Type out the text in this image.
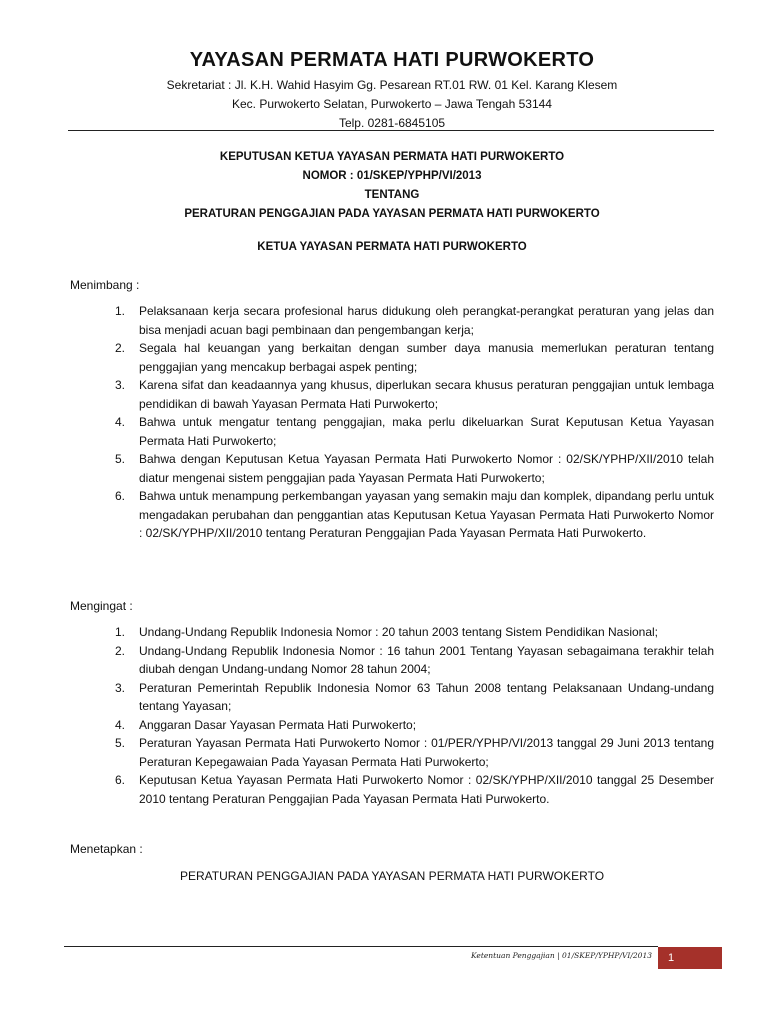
YAYASAN PERMATA HATI PURWOKERTO
Sekretariat : Jl. K.H. Wahid Hasyim Gg. Pesarean RT.01 RW. 01 Kel. Karang Klesem
Kec. Purwokerto Selatan, Purwokerto – Jawa Tengah 53144
Telp. 0281-6845105
KEPUTUSAN KETUA YAYASAN PERMATA HATI PURWOKERTO
NOMOR : 01/SKEP/YPHP/VI/2013
TENTANG
PERATURAN PENGGAJIAN PADA YAYASAN PERMATA HATI PURWOKERTO
KETUA YAYASAN PERMATA HATI PURWOKERTO

Menimbang :

1. Pelaksanaan kerja secara profesional harus didukung oleh perangkat-perangkat peraturan yang jelas dan bisa menjadi acuan bagi pembinaan dan pengembangan kerja;
2. Segala hal keuangan yang berkaitan dengan sumber daya manusia memerlukan peraturan tentang penggajian yang mencakup berbagai aspek penting;
3. Karena sifat dan keadaannya yang khusus, diperlukan secara khusus peraturan penggajian untuk lembaga pendidikan di bawah Yayasan Permata Hati Purwokerto;
4. Bahwa untuk mengatur tentang penggajian, maka perlu dikeluarkan Surat Keputusan Ketua Yayasan Permata Hati Purwokerto;
5. Bahwa dengan Keputusan Ketua Yayasan Permata Hati Purwokerto Nomor : 02/SK/YPHP/XII/2010 telah diatur mengenai sistem penggajian pada Yayasan Permata Hati Purwokerto;
6. Bahwa untuk menampung perkembangan yayasan yang semakin maju dan komplek, dipandang perlu untuk mengadakan perubahan dan penggantian atas Keputusan Ketua Yayasan Permata Hati Purwokerto Nomor : 02/SK/YPHP/XII/2010 tentang Peraturan Penggajian Pada Yayasan Permata Hati Purwokerto.

Mengingat :

1. Undang-Undang Republik Indonesia Nomor : 20 tahun 2003 tentang Sistem Pendidikan Nasional;
2. Undang-Undang Republik Indonesia Nomor : 16 tahun 2001 Tentang Yayasan sebagaimana terakhir telah diubah dengan Undang-undang Nomor 28 tahun 2004;
3. Peraturan Pemerintah Republik Indonesia Nomor 63 Tahun 2008 tentang Pelaksanaan Undang-undang tentang Yayasan;
4. Anggaran Dasar Yayasan Permata Hati Purwokerto;
5. Peraturan Yayasan Permata Hati Purwokerto Nomor : 01/PER/YPHP/VI/2013 tanggal 29 Juni 2013 tentang Peraturan Kepegawaian Pada Yayasan Permata Hati Purwokerto;
6. Keputusan Ketua Yayasan Permata Hati Purwokerto Nomor : 02/SK/YPHP/XII/2010 tanggal 25 Desember 2010 tentang Peraturan Penggajian Pada Yayasan Permata Hati Purwokerto.

Menetapkan :

PERATURAN PENGGAJIAN PADA YAYASAN PERMATA HATI PURWOKERTO
Ketentuan Penggajian | 01/SKEP/YPHP/VI/2013	1
